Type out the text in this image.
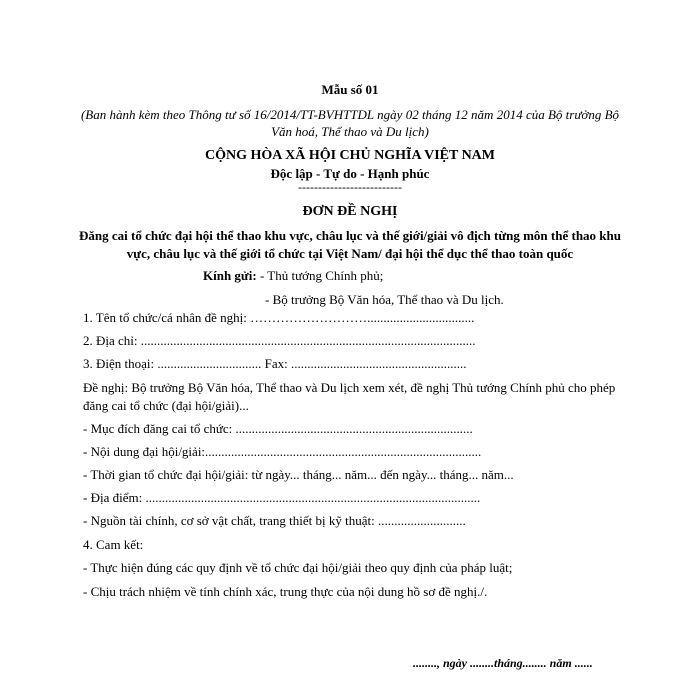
Mẫu số 01
(Ban hành kèm theo Thông tư số 16/2014/TT-BVHTTDL ngày 02 tháng 12 năm 2014 của Bộ trưởng Bộ Văn hoá, Thể thao và Du lịch)
CỘNG HÒA XÃ HỘI CHỦ NGHĨA VIỆT NAM
Độc lập - Tự do - Hạnh phúc
--------------------------
ĐƠN ĐỀ NGHỊ
Đăng cai tổ chức đại hội thể thao khu vực, châu lục và thế giới/giải vô địch từng môn thể thao khu vực, châu lục và thế giới tổ chức tại Việt Nam/ đại hội thể dục thể thao toàn quốc
Kính gửi: - Thủ tướng Chính phủ;
- Bộ trưởng Bộ Văn hóa, Thể thao và Du lịch.
1. Tên tổ chức/cá nhân đề nghị: ……………………….................................
2. Địa chỉ: .......................................................................................................
3. Điện thoại: ................................ Fax: ......................................................
Đề nghị: Bộ trưởng Bộ Văn hóa, Thể thao và Du lịch xem xét, đề nghị Thủ tướng Chính phủ cho phép đăng cai tổ chức (đại hội/giải)...
- Mục đích đăng cai tổ chức: .........................................................................
- Nội dung đại hội/giải:.....................................................................................
- Thời gian tổ chức đại hội/giải: từ ngày... tháng... năm... đến ngày... tháng... năm...
- Địa điểm: .......................................................................................................
- Nguồn tài chính, cơ sở vật chất, trang thiết bị kỹ thuật: ...........................
4. Cam kết:
- Thực hiện đúng các quy định về tổ chức đại hội/giải theo quy định của pháp luật;
- Chịu trách nhiệm về tính chính xác, trung thực của nội dung hồ sơ đề nghị./.
........, ngày ........tháng........ năm ......
